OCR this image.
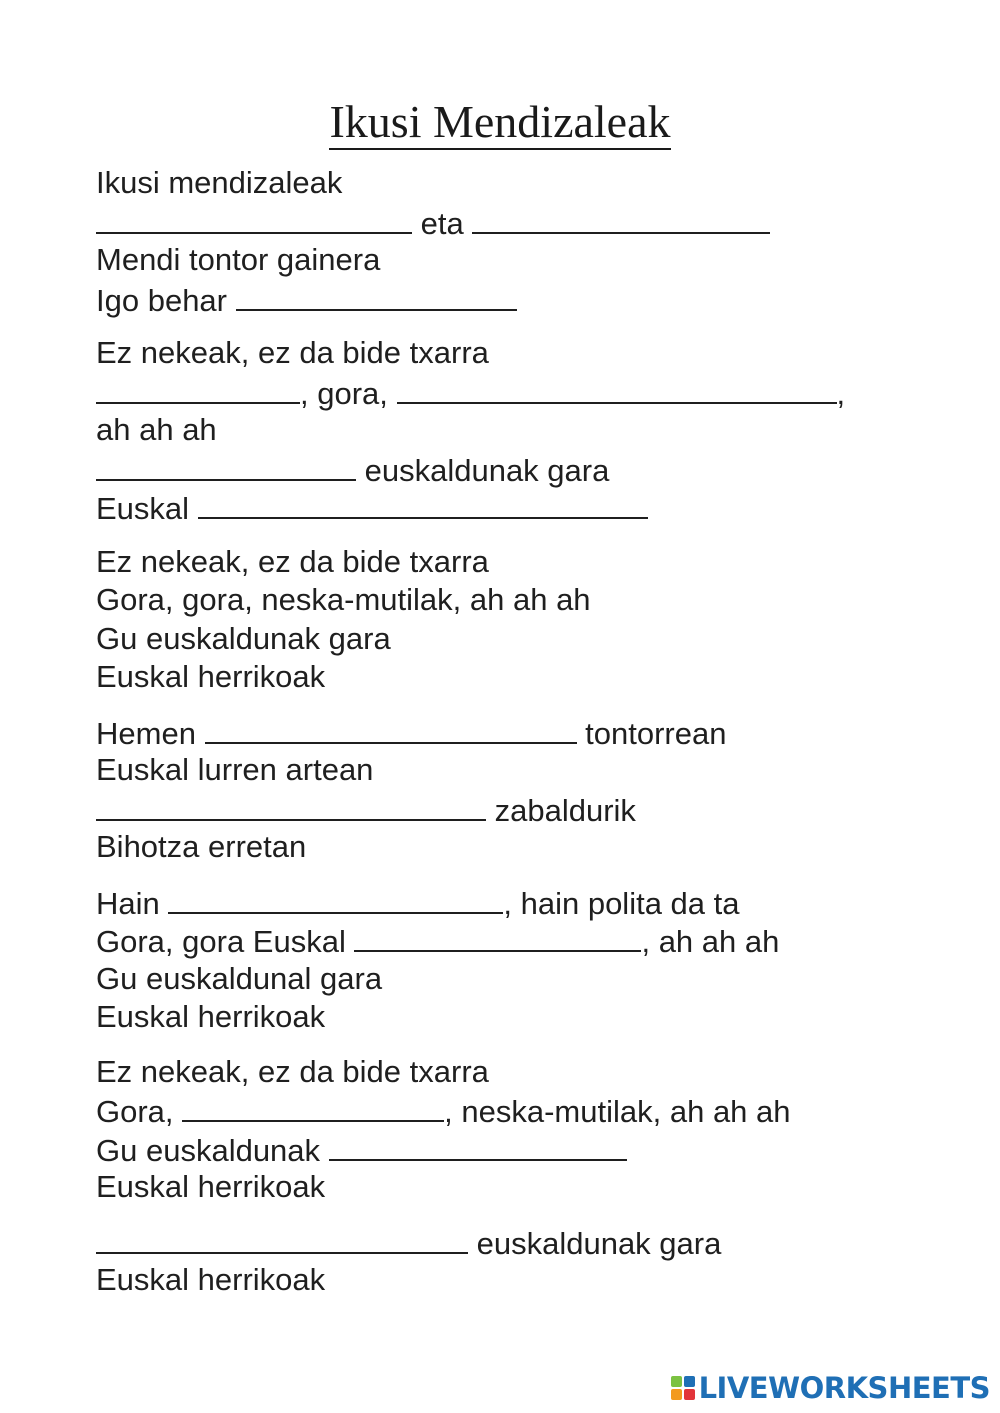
Ikusi Mendizaleak
Ikusi mendizaleak
eta
Mendi tontor gainera
Igo behar
Ez nekeak, ez da bide txarra
, gora,	,
ah ah ah
euskaldunak gara
Euskal
Ez nekeak, ez da bide txarra
Gora, gora, neska-mutilak, ah ah ah
Gu euskaldunak gara
Euskal herrikoak
Hemen	tontorrean
Euskal lurren artean
zabaldurik
Bihotza erretan
Hain	, hain polita da ta
Gora, gora Euskal	, ah ah ah
Gu euskaldunal gara
Euskal herrikoak
Ez nekeak, ez da bide txarra
Gora,	, neska-mutilak, ah ah ah
Gu euskaldunak
Euskal herrikoak
euskaldunak gara
Euskal herrikoak
LIVEWORKSHEETS
